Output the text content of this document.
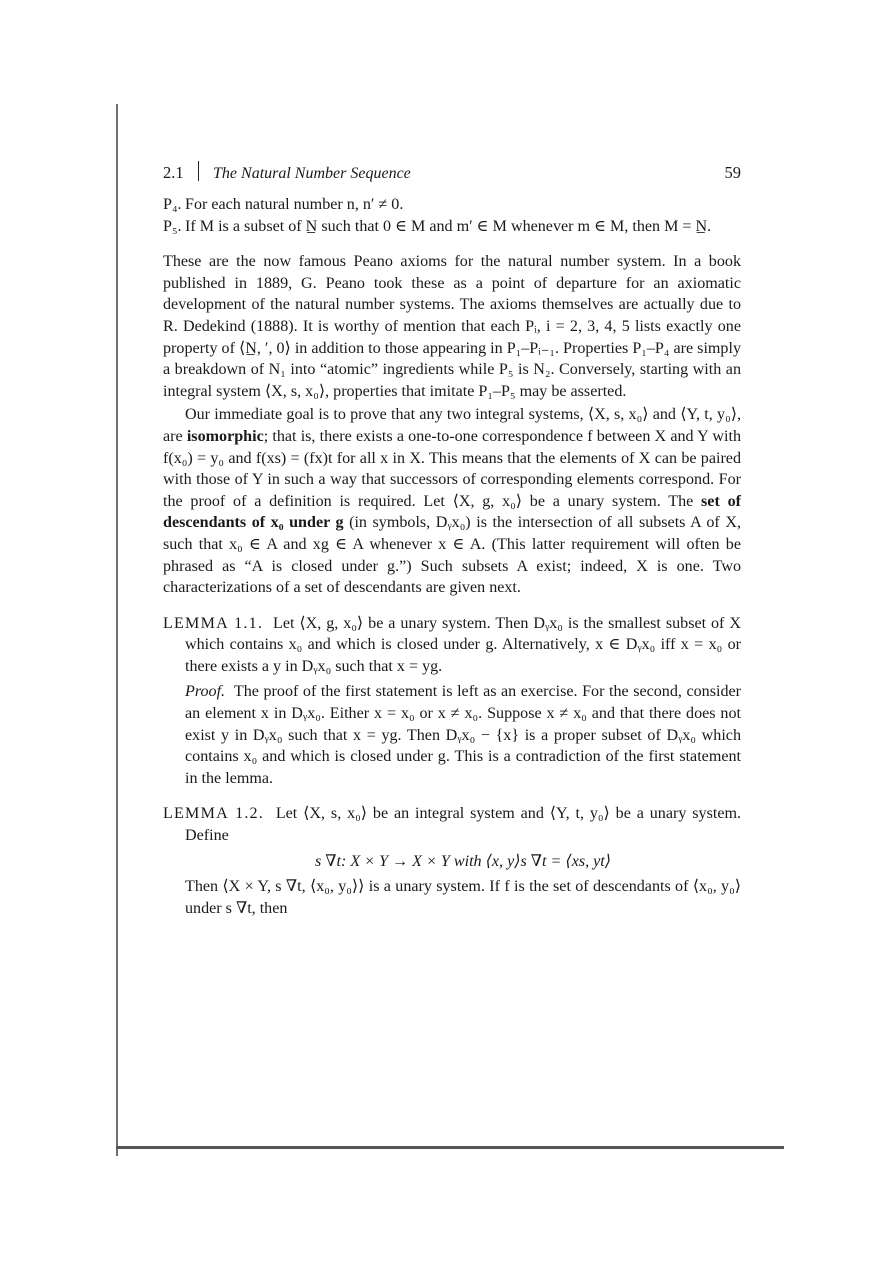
2.1 The Natural Number Sequence	59
P₄. For each natural number n, n′ ≠ 0.
P₅. If M is a subset of N̲ such that 0 ∈ M and m′ ∈ M whenever m ∈ M, then M = N̲.

These are the now famous Peano axioms for the natural number system. In a book published in 1889, G. Peano took these as a point of departure for an axiomatic development of the natural number systems. The axioms themselves are actually due to R. Dedekind (1888). It is worthy of mention that each Pᵢ, i = 2, 3, 4, 5 lists exactly one property of ⟨N̲, ′, 0⟩ in addition to those appearing in P₁–Pᵢ₋₁. Properties P₁–P₄ are simply a breakdown of N₁ into “atomic” ingredients while P₅ is N₂. Conversely, starting with an integral system ⟨X, s, x₀⟩, properties that imitate P₁–P₅ may be asserted.

Our immediate goal is to prove that any two integral systems, ⟨X, s, x₀⟩ and ⟨Y, t, y₀⟩, are isomorphic; that is, there exists a one-to-one correspondence f between X and Y with f(x₀) = y₀ and f(xs) = (fx)t for all x in X. This means that the elements of X can be paired with those of Y in such a way that successors of corresponding elements correspond. For the proof of a definition is required. Let ⟨X, g, x₀⟩ be a unary system. The set of descendants of x₀ under g (in symbols, Dᵧx₀) is the intersection of all subsets A of X, such that x₀ ∈ A and xg ∈ A whenever x ∈ A. (This latter requirement will often be phrased as “A is closed under g.”) Such subsets A exist; indeed, X is one. Two characterizations of a set of descendants are given next.

LEMMA 1.1. Let ⟨X, g, x₀⟩ be a unary system. Then Dᵧx₀ is the smallest subset of X which contains x₀ and which is closed under g. Alternatively, x ∈ Dᵧx₀ iff x = x₀ or there exists a y in Dᵧx₀ such that x = yg.

Proof. The proof of the first statement is left as an exercise. For the second, consider an element x in Dᵧx₀. Either x = x₀ or x ≠ x₀. Suppose x ≠ x₀ and that there does not exist y in Dᵧx₀ such that x = yg. Then Dᵧx₀ − {x} is a proper subset of Dᵧx₀ which contains x₀ and which is closed under g. This is a contradiction of the first statement in the lemma.

LEMMA 1.2. Let ⟨X, s, x₀⟩ be an integral system and ⟨Y, t, y₀⟩ be a unary system. Define

s ∇t: X × Y → X × Y with ⟨x, y⟩s ∇t = ⟨xs, yt⟩

Then ⟨X × Y, s ∇t, ⟨x₀, y₀⟩⟩ is a unary system. If f is the set of descendants of ⟨x₀, y₀⟩ under s ∇t, then
